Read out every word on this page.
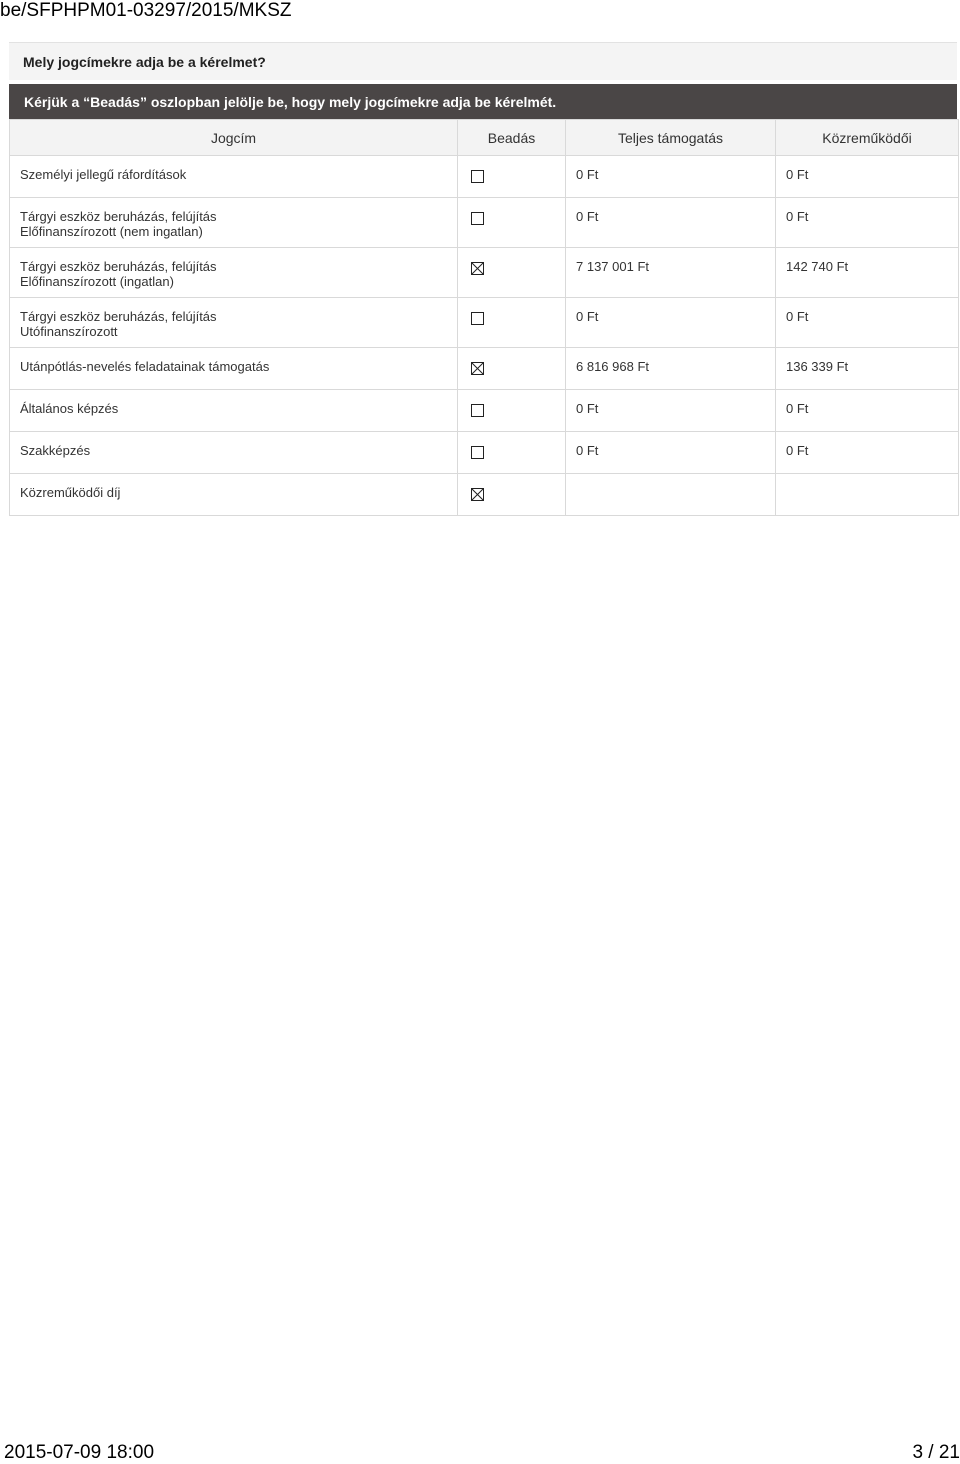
be/SFPHPM01-03297/2015/MKSZ
Mely jogcímekre adja be a kérelmet?
Kérjük a “Beadás” oszlopban jelölje be, hogy mely jogcímekre adja be kérelmét.
Jogcím	Beadás	Teljes támogatás	Közreműködői

Személyi jellegű ráfordítások		0 Ft	0 Ft

Tárgyi eszköz beruházás, felújítás
Előfinanszírozott (nem ingatlan)		0 Ft	0 Ft

Tárgyi eszköz beruházás, felújítás
Előfinanszírozott (ingatlan)		7 137 001 Ft	142 740 Ft

Tárgyi eszköz beruházás, felújítás
Utófinanszírozott		0 Ft	0 Ft

Utánpótlás-nevelés feladatainak támogatás		6 816 968 Ft	136 339 Ft

Általános képzés		0 Ft	0 Ft

Szakképzés		0 Ft	0 Ft

Közreműködői díj

2015-07-09 18:00	3 / 21
